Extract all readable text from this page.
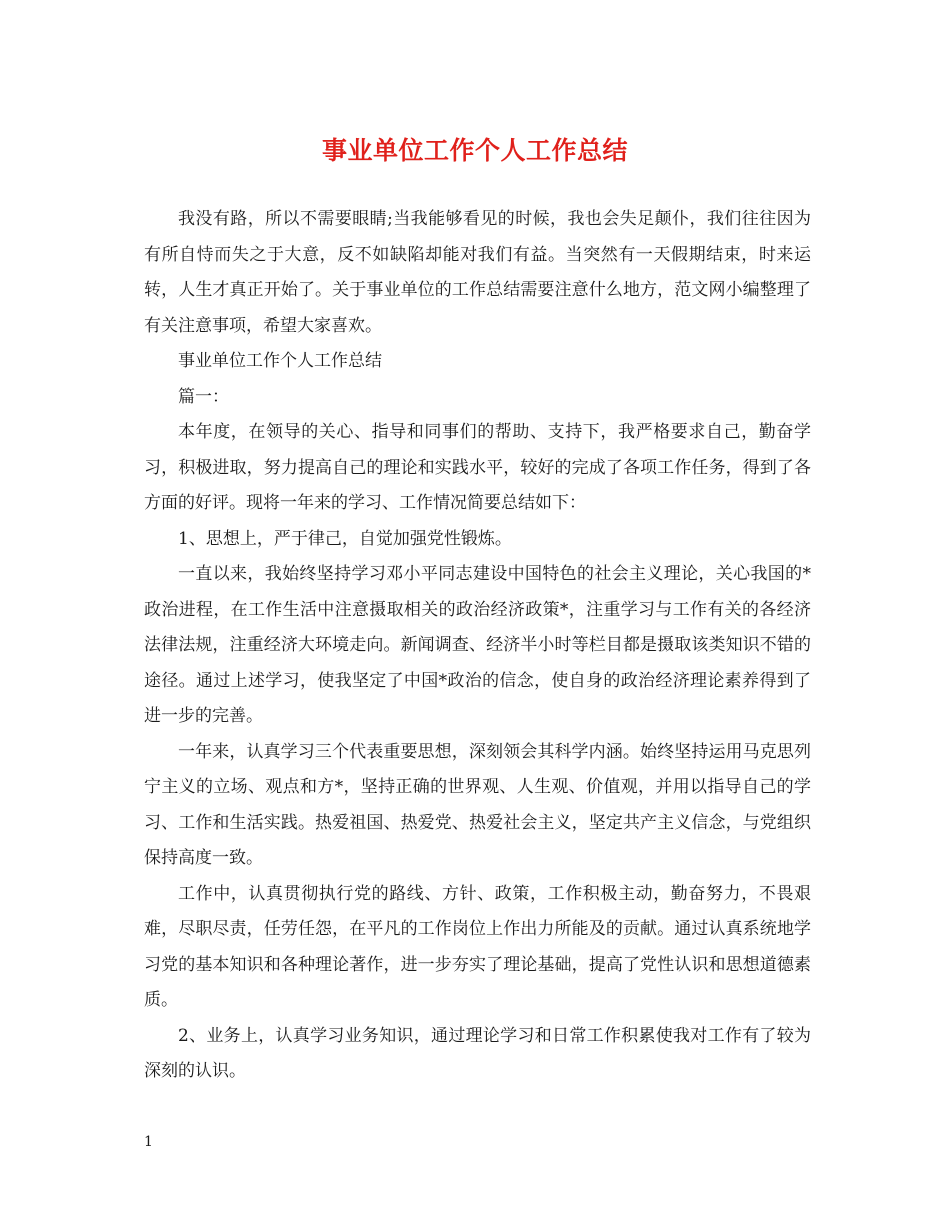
事业单位工作个人工作总结

我没有路，所以不需要眼睛;当我能够看见的时候，我也会失足颠仆，我们往往因为有所自恃而失之于大意，反不如缺陷却能对我们有益。当突然有一天假期结束，时来运转，人生才真正开始了。关于事业单位的工作总结需要注意什么地方，范文网小编整理了有关注意事项，希望大家喜欢。

事业单位工作个人工作总结

篇一：

本年度，在领导的关心、指导和同事们的帮助、支持下，我严格要求自己，勤奋学习，积极进取，努力提高自己的理论和实践水平，较好的完成了各项工作任务，得到了各方面的好评。现将一年来的学习、工作情况简要总结如下：

1、思想上，严于律己，自觉加强党性锻炼。

一直以来，我始终坚持学习邓小平同志建设中国特色的社会主义理论，关心我国的*政治进程，在工作生活中注意摄取相关的政治经济政策*，注重学习与工作有关的各经济法律法规，注重经济大环境走向。新闻调查、经济半小时等栏目都是摄取该类知识不错的途径。通过上述学习，使我坚定了中国*政治的信念，使自身的政治经济理论素养得到了进一步的完善。

一年来，认真学习三个代表重要思想，深刻领会其科学内涵。始终坚持运用马克思列宁主义的立场、观点和方*，坚持正确的世界观、人生观、价值观，并用以指导自己的学习、工作和生活实践。热爱祖国、热爱党、热爱社会主义，坚定共产主义信念，与党组织保持高度一致。

工作中，认真贯彻执行党的路线、方针、政策，工作积极主动，勤奋努力，不畏艰难，尽职尽责，任劳任怨，在平凡的工作岗位上作出力所能及的贡献。通过认真系统地学习党的基本知识和各种理论著作，进一步夯实了理论基础，提高了党性认识和思想道德素质。

2、业务上，认真学习业务知识，通过理论学习和日常工作积累使我对工作有了较为深刻的认识。

1
